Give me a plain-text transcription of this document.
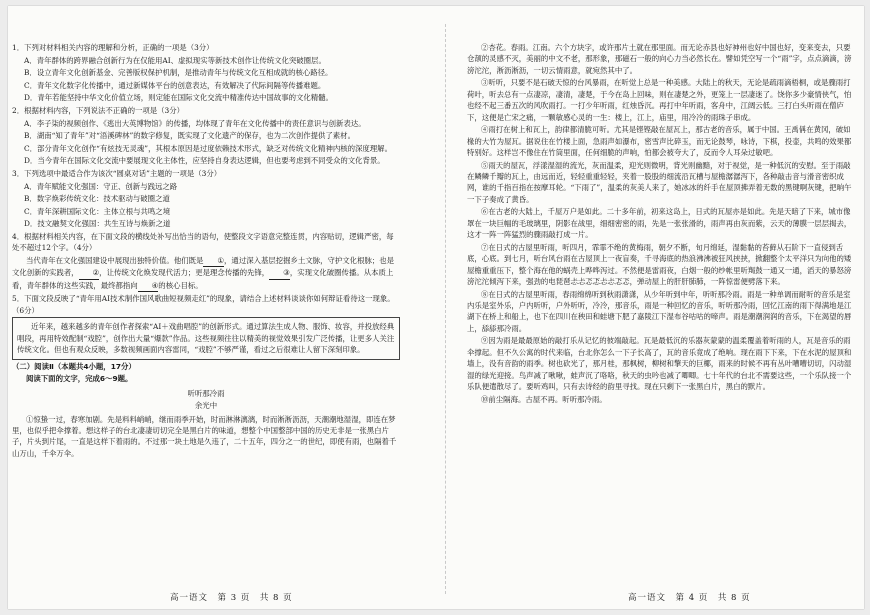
1．下列对材料相关内容的理解和分析，正确的一项是（3分）

A．青年群体的跨界融合创新行为在仅能用AI、虚拟现实等新技术创作让传统文化突破圈层。

B．设立青年文化创新基金、完善版权保护机制，是推动青年与传统文化互相成就的核心路径。

C．青年文化数字化传播中，通过新媒体平台的创意表达，有效解决了代际间隔等传播难题。

D．青年若能坚持中华文化价值立场，则定能在国际文化交流中精准传达中国故事的文化精髓。

2．根据材料内容，下列说法不正确的一项是（3分）

A．李子柒的视频创作、《逃出大英博物馆》的传播，均体现了青年在文化传播中的责任意识与创新表达。

B．湖南“知了青年”对“浯溪碑林”的数字修复，既实现了文化遗产的保存，也为二次创作提供了素材。

C．部分青年文化创作“有炫技无灵魂”，其根本原因是过度依赖技术形式，缺乏对传统文化精神内核的深度理解。

D．当今青年在国际文化交流中要展现文化主体性，应坚持自身表达逻辑，但也要考虑到不同受众的文化背景。

3．下列选项中最适合作为该次“圆桌对话”主题的一项是（3分）

A．青年赋能文化强国：守正、创新与践远之路

B．数字焕彩传统文化：技术驱动与破圈之道

C．青年深耕国际文化：主体立根与共鸣之境

D．技文融契文化强国：共生互诗与焕新之道

4．根据材料相关内容，在下面文段的横线处补写出恰当的语句，使整段文字语意完整连贯，内容贴切，逻辑严密，每处不超过12个字。（4分）

当代青年在文化强国建设中展现出独特价值。他们既是 ①，通过深入基层挖掘乡土文脉，守护文化根脉；也是文化创新的实践者， ②，让传统文化焕发现代活力；更是理念传播的先锋， ③，实现文化破圈传播。从本质上看，青年群体的这些实践，最终都指向 ④的核心目标。

5．下面文段反映了“青年用AI技术制作国风歌曲短视频走红”的现象，请结合上述材料谈谈你如何辩证看待这一现象。（6分）

近年来，越来越多的青年创作者探索“AI＋戏曲唱腔”的创新形式。通过算法生成人物、服饰、妆容，并投放经典唱段，再用特效配制“戏腔”，创作出大量“爆款”作品。这些视频往往以精美的视觉效果引发广泛传播，让更多人关注传统文化。但也有观众反映，多数视频画面内容雷同，“戏腔”不够严谨，看过之后很难让人留下深刻印象。

（二）阅读Ⅱ（本题共4小题，17分）

阅读下面的文字，完成6～9题。

听听那冷雨

余光中

①惊蛰一过，春寒加剧。先是料料峭峭，继而雨季开始，时而淋淋漓漓，时而淅淅沥沥，天潮潮地湿湿，即连在梦里，也似乎把伞撑着。想这样子的台北凄凄切切完全是黑白片的味道，想整个中国整部中国的历史无非是一张黑白片子，片头到片尾，一直是这样下着雨的。不过那一块土地是久违了，二十五年，四分之一的世纪，即使有雨，也隔着千山万山，千伞万伞。

②杏花。春雨。江南。六个方块字，或许那片土就在那里面。而无论赤县也好神州也好中国也好，变来变去，只要仓颉的灵感不灭，美丽的中文不老，那形象，那磁石一般的向心力当必然长在。譬如凭空写一个“雨”字，点点滴滴，滂滂沱沱，淅沥淅沥，一切云情雨意，就宛然其中了。

③听听，只要不是石破天惊的台风暴雨，在听觉上总是一种美感。大陆上的秋天，无论是疏雨滴梧桐，或是骤雨打荷叶，听去总有一点凄凉，凄清，凄楚，于今在岛上回味，则在凄楚之外，更笼上一层凄迷了。饶你多少豪情侠气，怕也经不起三番五次的风吹雨打。一打少年听雨，红烛昏沉。再打中年听雨，客舟中，江阔云低。三打白头听雨在僧庐下，这便是亡宋之痛，一颗敏感心灵的一生：楼上，江上，庙里，用冷冷的雨珠子串成。

④雨打在树上和瓦上，韵律都清脆可听。尤其是铿铿敲在屋瓦上，那古老的音乐，属于中国。王禹偁在黄冈，破如椽的大竹为屋瓦。据说住在竹楼上面，急雨声如瀑布，密雪声比碎玉，而无论鼓琴，咏诗，下棋，投壶，共鸣的效果都特别好。这样岂不像住在竹筒里面，任何细脆的声响，怕都会被夸大了，反而令人耳朵过敏吧。

⑤雨天的屋瓦，浮漾湿湿的流光，灰而温柔，迎光则微明，背光则幽黯，对于视觉，是一种低沉的安慰。至于雨敲在鳞鳞千瓣的瓦上，由远而近，轻轻重重轻轻，夹着一股股的细流沿瓦槽与屋檐潺潺泻下，各种敲击音与滑音密织成网，谁的千指百指在按摩耳轮。“下雨了”，温柔的灰美人来了，她冰冰的纤手在屋顶拂弄着无数的黑键啊灰键，把晌午一下子奏成了黄昏。

⑥在古老的大陆上，千屋万户是如此。二十多年前，初来这岛上，日式的瓦屋亦是如此。先是天暗了下来，城市像罩在一块巨幅的毛玻璃里，阴影在战里，细细密密的雨，先是一张张滑的，雨声再由灰而紫，云天的薄膜一层层揭去，这才一阵一阵猛烈的骤雨敲打成一片。

⑦在日式的古屋里听雨，听四月，霏霏不绝的黄梅雨，朝夕不断，旬月绵延，湿黏黏的苔藓从石阶下一直侵到舌底，心底。到七月，听台风台雨在古屋顶上一夜盲奏，千寻海底的热浪沸沸被狂风挟挟，掀翻整个太平洋只为向他的矮屋檐重重压下，整个海在他的蜗壳上哗哗泻过。不然便是雷雨夜，白烟一般的纱帐里听羯鼓一通又一通，滔天的暴怒滂滂沱沱倾泻下来，强劲的电琵琶忐忐忑忑忐忐忑忑，弹动屋上的肝肝肺肺，一阵惊雷便劈落下来。

⑧在日式的古屋里听雨，春雨绵绵听到秋雨潇潇，从少年听到中年，听听那冷雨。雨是一种单调而耐听的音乐是室内乐是室外乐，户内听听，户外听听，冷冷，那音乐，雨是一种回忆的音乐，听听那冷雨，回忆江南的雨下得满地是江湖下在桥上和船上，也下在四川在秧田和蛙塘下肥了嘉陵江下湿布谷咕咕的啼声。雨是潮潮润润的音乐，下在渴望的唇上，舔舔那冷雨。

⑨因为雨是最最原始的敲打乐从记忆的彼端敲起。瓦是最低沉的乐器灰蒙蒙的温柔覆盖着听雨的人，瓦是音乐的雨伞撑起。但不久公寓的时代来临，台北你怎么一下子长高了，瓦的音乐竟成了绝响。现在雨下下来，下在水泥的屋顶和墙上，没有音韵的雨季。树也砍光了，那月桂，那枫树，柳树和擎天的巨椰，雨来的时候不再有丛叶嘈嘈切切，闪动湿湿的绿光迎接。鸟声减了啾啾，蛙声沉了咯咯，秋天的虫吟也减了唧唧。七十年代的台北不需要这些，一个乐队接一个乐队便遣散尽了。要听鸡叫，只有去诗经的韵里寻找。现在只剩下一张黑白片，黑白的默片。

⑩前尘隔海。古屋不再。听听那冷雨。

高一语文　第 3 页　共 8 页	高一语文　第 4 页　共 8 页
